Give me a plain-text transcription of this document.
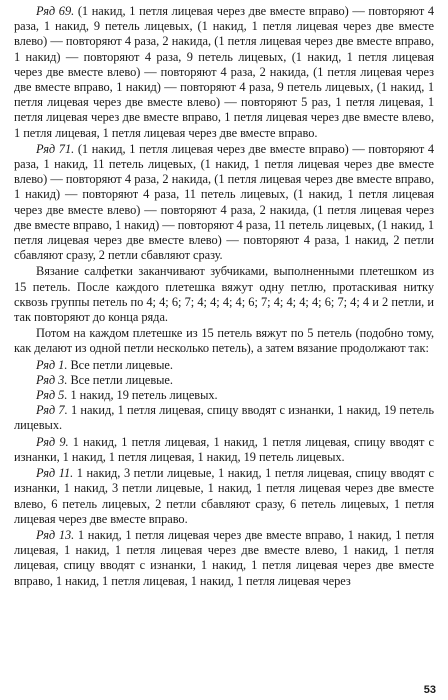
Ряд 69. (1 накид, 1 петля лицевая через две вместе вправо) — повторяют 4 раза, 1 накид, 9 петель лицевых, (1 накид, 1 петля лицевая через две вместе влево) — повторяют 4 раза, 2 накида, (1 петля лицевая через две вместе вправо, 1 накид) — повторяют 4 раза, 9 петель лицевых, (1 накид, 1 петля лицевая через две вместе влево) — повторяют 4 раза, 2 накида, (1 петля лицевая через две вместе вправо, 1 накид) — повторяют 4 раза, 9 петель лицевых, (1 накид, 1 петля лицевая через две вместе влево) — повторяют 5 раз, 1 петля лицевая, 1 петля лицевая через две вместе вправо, 1 петля лицевая через две вместе влево, 1 петля лицевая, 1 петля лицевая через две вместе вправо.

Ряд 71. (1 накид, 1 петля лицевая через две вместе вправо) — повторяют 4 раза, 1 накид, 11 петель лицевых, (1 накид, 1 петля лицевая через две вместе влево) — повторяют 4 раза, 2 накида, (1 петля лицевая через две вместе вправо, 1 накид) — повторяют 4 раза, 11 петель лицевых, (1 накид, 1 петля лицевая через две вместе влево) — повторяют 4 раза, 2 накида, (1 петля лицевая через две вместе вправо, 1 накид) — повторяют 4 раза, 11 петель лицевых, (1 накид, 1 петля лицевая через две вместе влево) — повторяют 4 раза, 1 накид, 2 петли сбавляют сразу, 2 петли сбавляют сразу.

Вязание салфетки заканчивают зубчиками, выполненными плетешком из 15 петель. После каждого плетешка вяжут одну петлю, протаскивая нитку сквозь группы петель по 4; 4; 6; 7; 4; 4; 4; 4; 6; 7; 4; 4; 4; 4; 6; 7; 4; 4 и 2 петли, и так повторяют до конца ряда.

Потом на каждом плетешке из 15 петель вяжут по 5 петель (подобно тому, как делают из одной петли несколько петель), а затем вязание продолжают так:

Ряд 1. Все петли лицевые.

Ряд 3. Все петли лицевые.

Ряд 5. 1 накид, 19 петель лицевых.

Ряд 7. 1 накид, 1 петля лицевая, спицу вводят с изнанки, 1 накид, 19 петель лицевых.

Ряд 9. 1 накид, 1 петля лицевая, 1 накид, 1 петля лицевая, спицу вводят с изнанки, 1 накид, 1 петля лицевая, 1 накид, 19 петель лицевых.

Ряд 11. 1 накид, 3 петли лицевые, 1 накид, 1 петля лицевая, спицу вводят с изнанки, 1 накид, 3 петли лицевые, 1 накид, 1 петля лицевая через две вместе влево, 6 петель лицевых, 2 петли сбавляют сразу, 6 петель лицевых, 1 петля лицевая через две вместе вправо.

Ряд 13. 1 накид, 1 петля лицевая через две вместе вправо, 1 накид, 1 петля лицевая, 1 накид, 1 петля лицевая через две вместе влево, 1 накид, 1 петля лицевая, спицу вводят с изнанки, 1 накид, 1 петля лицевая через две вместе вправо, 1 накид, 1 петля лицевая, 1 накид, 1 петля лицевая через

53
